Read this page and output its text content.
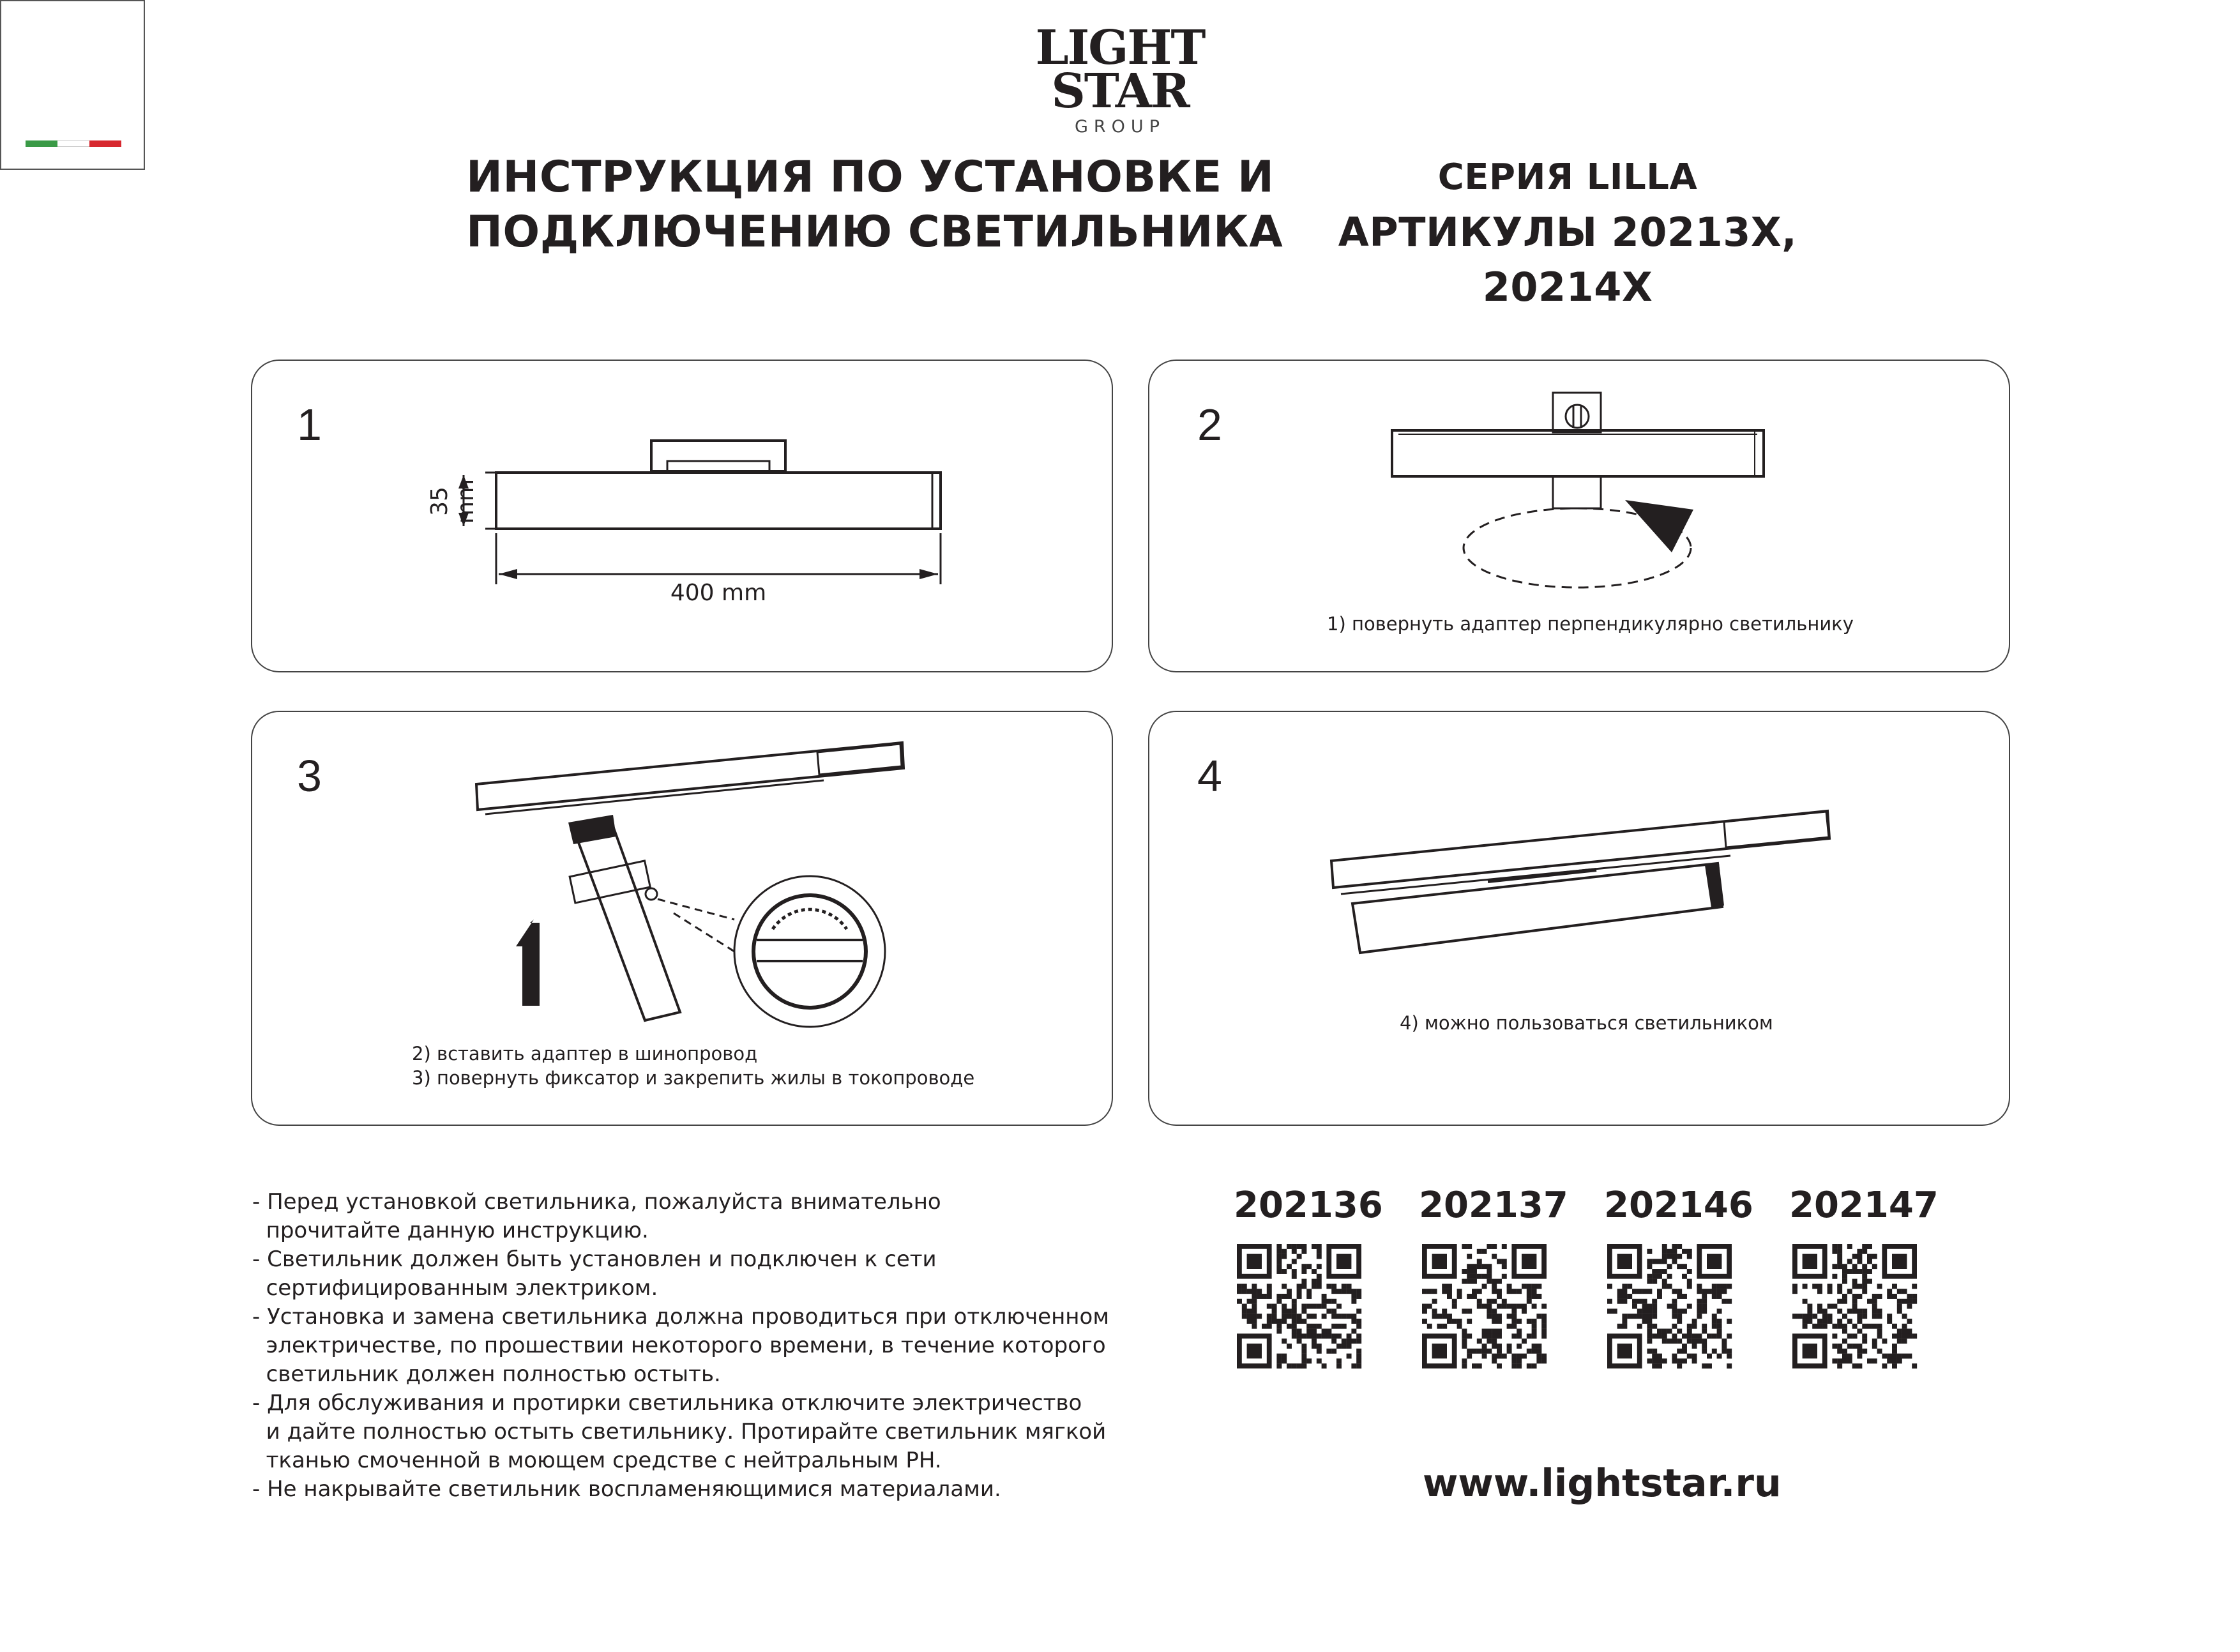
LIGHT
STAR
GROUP
ИНСТРУКЦИЯ ПО УСТАНОВКЕ И
ПОДКЛЮЧЕНИЮ СВЕТИЛЬНИКА
СЕРИЯ LILLA
АРТИКУЛЫ 20213X, 20214X
1
35 mm
400 mm
2
1) повернуть адаптер перпендикулярно светильнику
3
2) вставить адаптер в шинопровод
3) повернуть фиксатор и закрепить жилы в токопроводе
4
4) можно пользоваться светильником
- Перед установкой светильника, пожалуйста внимательно
прочитайте данную инструкцию.
- Светильник должен быть установлен и подключен к сети
сертифицированным электриком.
- Установка и замена светильника должна проводиться при отключенном
электричестве, по прошествии некоторого времени, в течение которого
светильник должен полностью остыть.
- Для обслуживания и протирки светильника отключите электричество
и дайте полностью остыть светильнику. Протирайте светильник мягкой
тканью смоченной в моющем средстве с нейтральным PH.
- Не накрывайте светильник воспламеняющимися материалами.
202136 202137 202146 202147
www.lightstar.ru
